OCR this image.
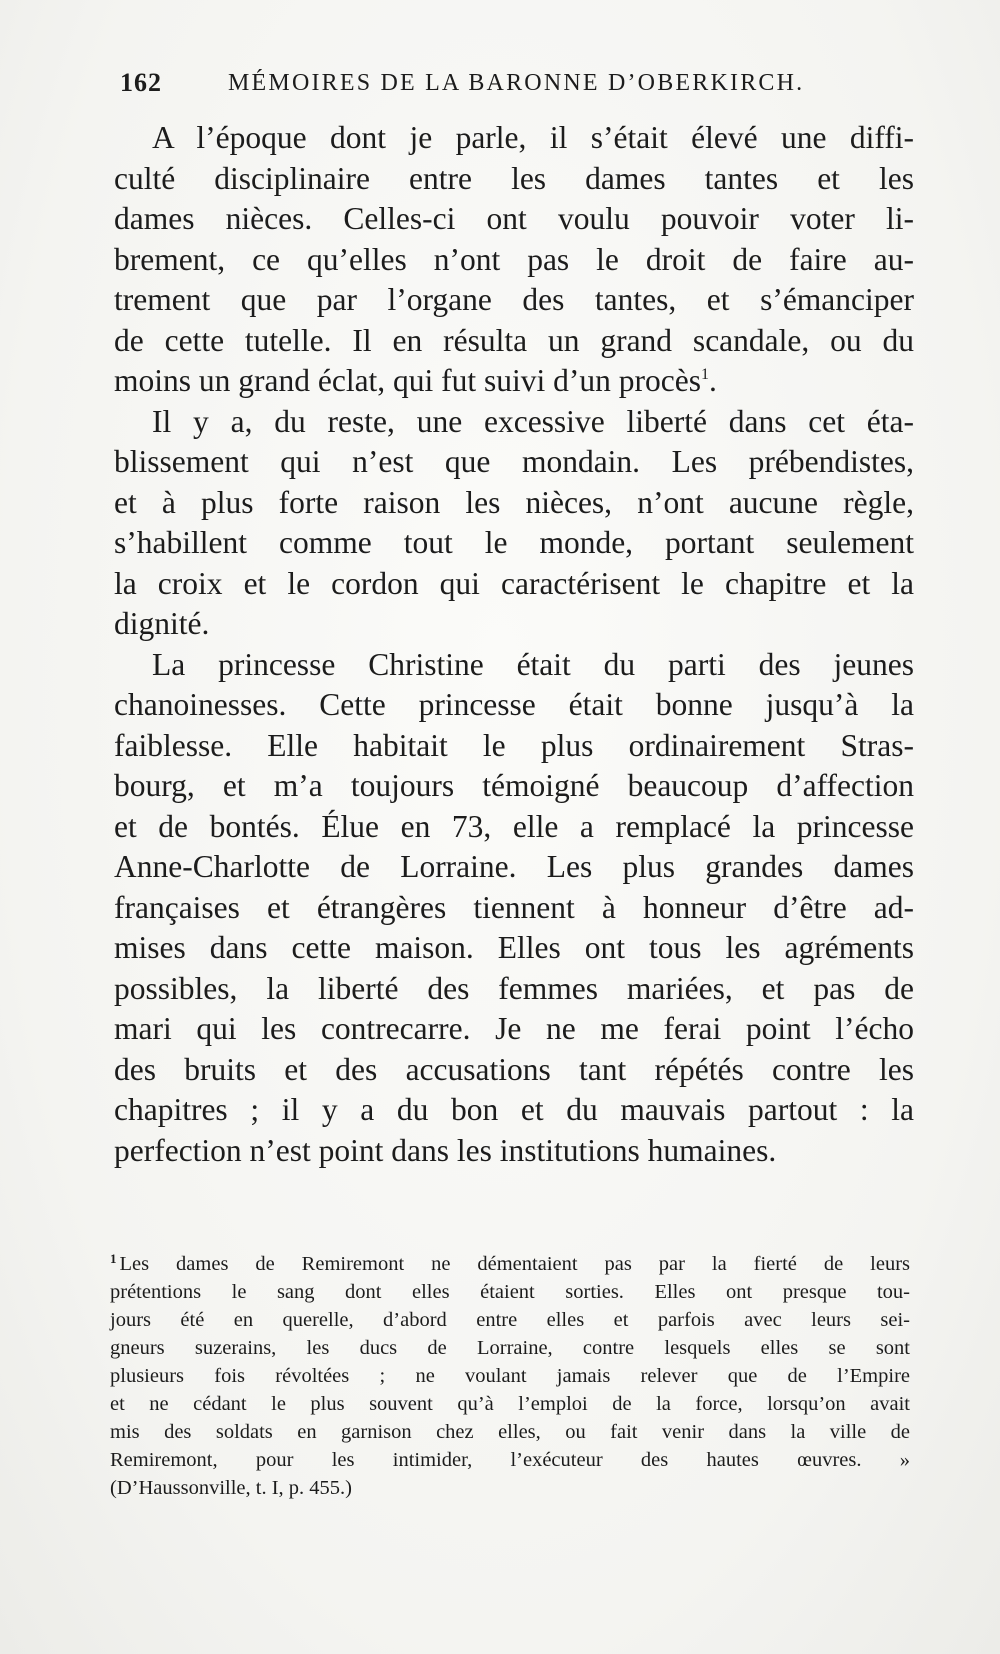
162	MÉMOIRES DE LA BARONNE D’OBERKIRCH.

A l’époque dont je parle, il s’était élevé une diffi-
culté disciplinaire entre les dames tantes et les
dames nièces. Celles-ci ont voulu pouvoir voter li-
brement, ce qu’elles n’ont pas le droit de faire au-
trement que par l’organe des tantes, et s’émanciper
de cette tutelle. Il en résulta un grand scandale, ou du
moins un grand éclat, qui fut suivi d’un procès$^1$.

Il y a, du reste, une excessive liberté dans cet éta-
blissement qui n’est que mondain. Les prébendistes,
et à plus forte raison les nièces, n’ont aucune règle,
s’habillent comme tout le monde, portant seulement
la croix et le cordon qui caractérisent le chapitre et la
dignité.

La princesse Christine était du parti des jeunes
chanoinesses. Cette princesse était bonne jusqu’à la
faiblesse. Elle habitait le plus ordinairement Stras-
bourg, et m’a toujours témoigné beaucoup d’affection
et de bontés. Élue en 73, elle a remplacé la princesse
Anne-Charlotte de Lorraine. Les plus grandes dames
françaises et étrangères tiennent à honneur d’être ad-
mises dans cette maison. Elles ont tous les agréments
possibles, la liberté des femmes mariées, et pas de
mari qui les contrecarre. Je ne me ferai point l’écho
des bruits et des accusations tant répétés contre les
chapitres ; il y a du bon et du mauvais partout : la
perfection n’est point dans les institutions humaines.

$^1$ Les dames de Remiremont ne démentaient pas par la fierté de leurs
prétentions le sang dont elles étaient sorties. Elles ont presque tou-
jours été en querelle, d’abord entre elles et parfois avec leurs sei-
gneurs suzerains, les ducs de Lorraine, contre lesquels elles se sont
plusieurs fois révoltées ; ne voulant jamais relever que de l’Empire
et ne cédant le plus souvent qu’à l’emploi de la force, lorsqu’on avait
mis des soldats en garnison chez elles, ou fait venir dans la ville de
Remiremont, pour les intimider, l’exécuteur des hautes œuvres. »
(D’Haussonville, t. I, p. 455.)
